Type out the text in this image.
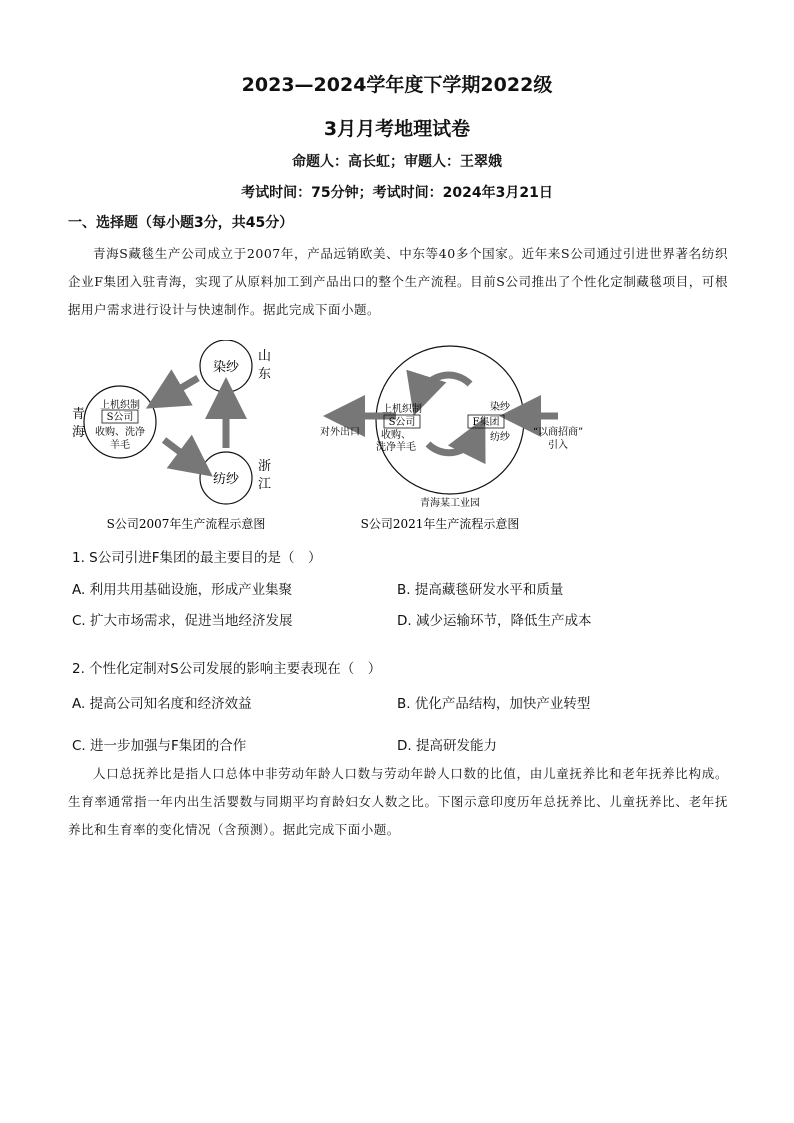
2023—2024学年度下学期2022级
3月月考地理试卷
命题人：高长虹；审题人：王翠娥
考试时间：75分钟；考试时间：2024年3月21日
一、选择题（每小题3分，共45分）
青海S藏毯生产公司成立于2007年，产品远销欧美、中东等40多个国家。近年来S公司通过引进世界著名纺织企业F集团入驻青海，实现了从原料加工到产品出口的整个生产流程。目前S公司推出了个性化定制藏毯项目，可根据用户需求进行设计与快速制作。据此完成下面小题。
染纱
纺纱
山
东
浙
江
青
海
上机织制
S公司
收购、洗净
羊毛
S公司2007年生产流程示意图
上机织制
S公司
收购、
洗净羊毛
F集团
染纱
纺纱
对外出口	“以商招商”
引入
青海某工业园
S公司2021年生产流程示意图
1. S公司引进F集团的最主要目的是（　）
A. 利用共用基础设施，形成产业集聚	B. 提高藏毯研发水平和质量
C. 扩大市场需求，促进当地经济发展	D. 减少运输环节，降低生产成本
2. 个性化定制对S公司发展的影响主要表现在（　）
A. 提高公司知名度和经济效益	B. 优化产品结构，加快产业转型
C. 进一步加强与F集团的合作	D. 提高研发能力
人口总抚养比是指人口总体中非劳动年龄人口数与劳动年龄人口数的比值，由儿童抚养比和老年抚养比构成。生育率通常指一年内出生活婴数与同期平均育龄妇女人数之比。下图示意印度历年总抚养比、儿童抚养比、老年抚养比和生育率的变化情况（含预测）。据此完成下面小题。
